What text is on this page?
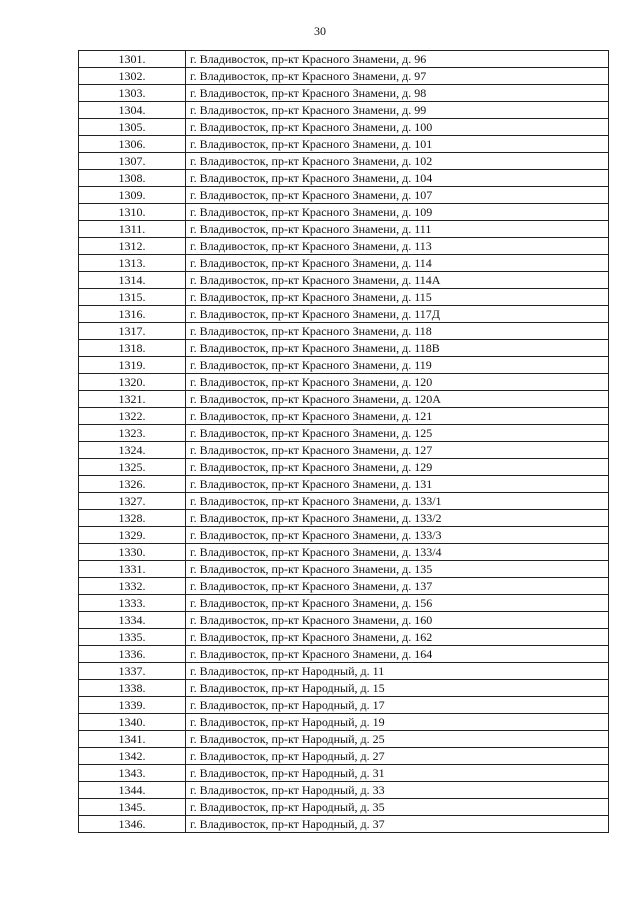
30
1301.	г. Владивосток, пр-кт Красного Знамени, д. 96
1302.	г. Владивосток, пр-кт Красного Знамени, д. 97
1303.	г. Владивосток, пр-кт Красного Знамени, д. 98
1304.	г. Владивосток, пр-кт Красного Знамени, д. 99
1305.	г. Владивосток, пр-кт Красного Знамени, д. 100
1306.	г. Владивосток, пр-кт Красного Знамени, д. 101
1307.	г. Владивосток, пр-кт Красного Знамени, д. 102
1308.	г. Владивосток, пр-кт Красного Знамени, д. 104
1309.	г. Владивосток, пр-кт Красного Знамени, д. 107
1310.	г. Владивосток, пр-кт Красного Знамени, д. 109
1311.	г. Владивосток, пр-кт Красного Знамени, д. 111
1312.	г. Владивосток, пр-кт Красного Знамени, д. 113
1313.	г. Владивосток, пр-кт Красного Знамени, д. 114
1314.	г. Владивосток, пр-кт Красного Знамени, д. 114А
1315.	г. Владивосток, пр-кт Красного Знамени, д. 115
1316.	г. Владивосток, пр-кт Красного Знамени, д. 117Д
1317.	г. Владивосток, пр-кт Красного Знамени, д. 118
1318.	г. Владивосток, пр-кт Красного Знамени, д. 118В
1319.	г. Владивосток, пр-кт Красного Знамени, д. 119
1320.	г. Владивосток, пр-кт Красного Знамени, д. 120
1321.	г. Владивосток, пр-кт Красного Знамени, д. 120А
1322.	г. Владивосток, пр-кт Красного Знамени, д. 121
1323.	г. Владивосток, пр-кт Красного Знамени, д. 125
1324.	г. Владивосток, пр-кт Красного Знамени, д. 127
1325.	г. Владивосток, пр-кт Красного Знамени, д. 129
1326.	г. Владивосток, пр-кт Красного Знамени, д. 131
1327.	г. Владивосток, пр-кт Красного Знамени, д. 133/1
1328.	г. Владивосток, пр-кт Красного Знамени, д. 133/2
1329.	г. Владивосток, пр-кт Красного Знамени, д. 133/3
1330.	г. Владивосток, пр-кт Красного Знамени, д. 133/4
1331.	г. Владивосток, пр-кт Красного Знамени, д. 135
1332.	г. Владивосток, пр-кт Красного Знамени, д. 137
1333.	г. Владивосток, пр-кт Красного Знамени, д. 156
1334.	г. Владивосток, пр-кт Красного Знамени, д. 160
1335.	г. Владивосток, пр-кт Красного Знамени, д. 162
1336.	г. Владивосток, пр-кт Красного Знамени, д. 164
1337.	г. Владивосток, пр-кт Народный, д. 11
1338.	г. Владивосток, пр-кт Народный, д. 15
1339.	г. Владивосток, пр-кт Народный, д. 17
1340.	г. Владивосток, пр-кт Народный, д. 19
1341.	г. Владивосток, пр-кт Народный, д. 25
1342.	г. Владивосток, пр-кт Народный, д. 27
1343.	г. Владивосток, пр-кт Народный, д. 31
1344.	г. Владивосток, пр-кт Народный, д. 33
1345.	г. Владивосток, пр-кт Народный, д. 35
1346.	г. Владивосток, пр-кт Народный, д. 37
